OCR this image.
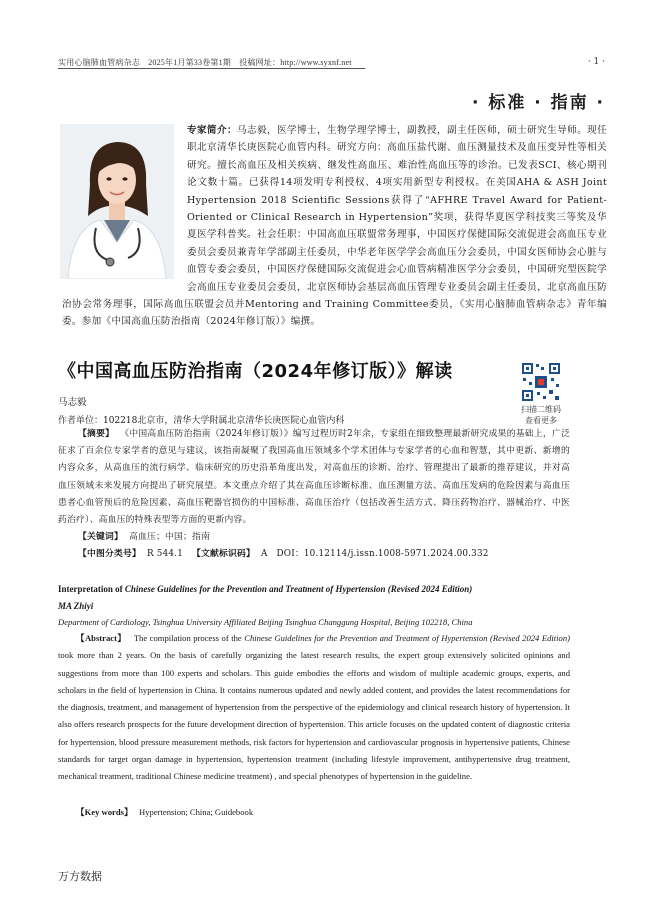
实用心脑肺血管病杂志　2025年1月第33卷第1期　投稿网址：http://www.syxnf.net	· 1 ·
· 标准 · 指南 ·
专家简介：马志毅，医学博士，生物学理学博士，副教授，副主任医师，硕士研究生导师。现任职北京清华长庚医院心血管内科。研究方向：高血压盐代谢、血压测量技术及血压变异性等相关研究。擅长高血压及相关疾病、继发性高血压、难治性高血压等的诊治。已发表SCI、核心期刊论文数十篇。已获得14项发明专利授权、4项实用新型专利授权。在美国AHA & ASH Joint Hypertension 2018 Scientific Sessions获得了“AFHRE Travel Award for Patient-Oriented or Clinical Research in Hypertension”奖项，获得华夏医学科技奖三等奖及华夏医学科普奖。社会任职：中国高血压联盟常务理事，中国医疗保健国际交流促进会高血压专业委员会委员兼青年学部副主任委员，中华老年医学学会高血压分会委员，中国女医师协会心脏与血管专委会委员，中国医疗保健国际交流促进会心血管病精准医学分会委员，中国研究型医院学会高血压专业委员会委员，北京医师协会基层高血压管理专业委员会副主任委员，北京高血压防治协会常务理事，国际高血压联盟会员并Mentoring and Training Committee委员，《实用心脑肺血管病杂志》青年编委。参加《中国高血压防治指南（2024年修订版）》编撰。
《中国高血压防治指南（2024年修订版）》解读
扫描二维码
查看更多
马志毅
作者单位：102218北京市，清华大学附属北京清华长庚医院心血管内科
【摘要】 《中国高血压防治指南（2024年修订版）》编写过程历时2年余，专家组在细致整理最新研究成果的基础上，广泛征求了百余位专家学者的意见与建议，该指南凝聚了我国高血压领域多个学术团体与专家学者的心血和智慧，其中更新、新增的内容众多，从高血压的流行病学、临床研究的历史沿革角度出发，对高血压的诊断、治疗、管理提出了最新的推荐建议，并对高血压领域未来发展方向提出了研究展望。本文重点介绍了其在高血压诊断标准、血压测量方法、高血压发病的危险因素与高血压患者心血管预后的危险因素、高血压靶器官损伤的中国标准、高血压治疗（包括改善生活方式、降压药物治疗、器械治疗、中医药治疗）、高血压的特殊表型等方面的更新内容。
【关键词】 高血压；中国；指南
【中图分类号】 R 544.1 【文献标识码】 A DOI：10.12114/j.issn.1008-5971.2024.00.332
Interpretation of Chinese Guidelines for the Prevention and Treatment of Hypertension (Revised 2024 Edition)
MA Zhiyi
Department of Cardiology, Tsinghua University Affiliated Beijing Tsinghua Changgung Hospital, Beijing 102218, China
【Abstract】 The compilation process of the Chinese Guidelines for the Prevention and Treatment of Hypertension (Revised 2024 Edition) took more than 2 years. On the basis of carefully organizing the latest research results, the expert group extensively solicited opinions and suggestions from more than 100 experts and scholars. This guide embodies the efforts and wisdom of multiple academic groups, experts, and scholars in the field of hypertension in China. It contains numerous updated and newly added content, and provides the latest recommendations for the diagnosis, treatment, and management of hypertension from the perspective of the epidemiology and clinical research history of hypertension. It also offers research prospects for the future development direction of hypertension. This article focuses on the updated content of diagnostic criteria for hypertension, blood pressure measurement methods, risk factors for hypertension and cardiovascular prognosis in hypertensive patients, Chinese standards for target organ damage in hypertension, hypertension treatment (including lifestyle improvement, antihypertensive drug treatment, mechanical treatment, traditional Chinese medicine treatment) , and special phenotypes of hypertension in the guideline.
【Key words】 Hypertension; China; Guidebook
万方数据
